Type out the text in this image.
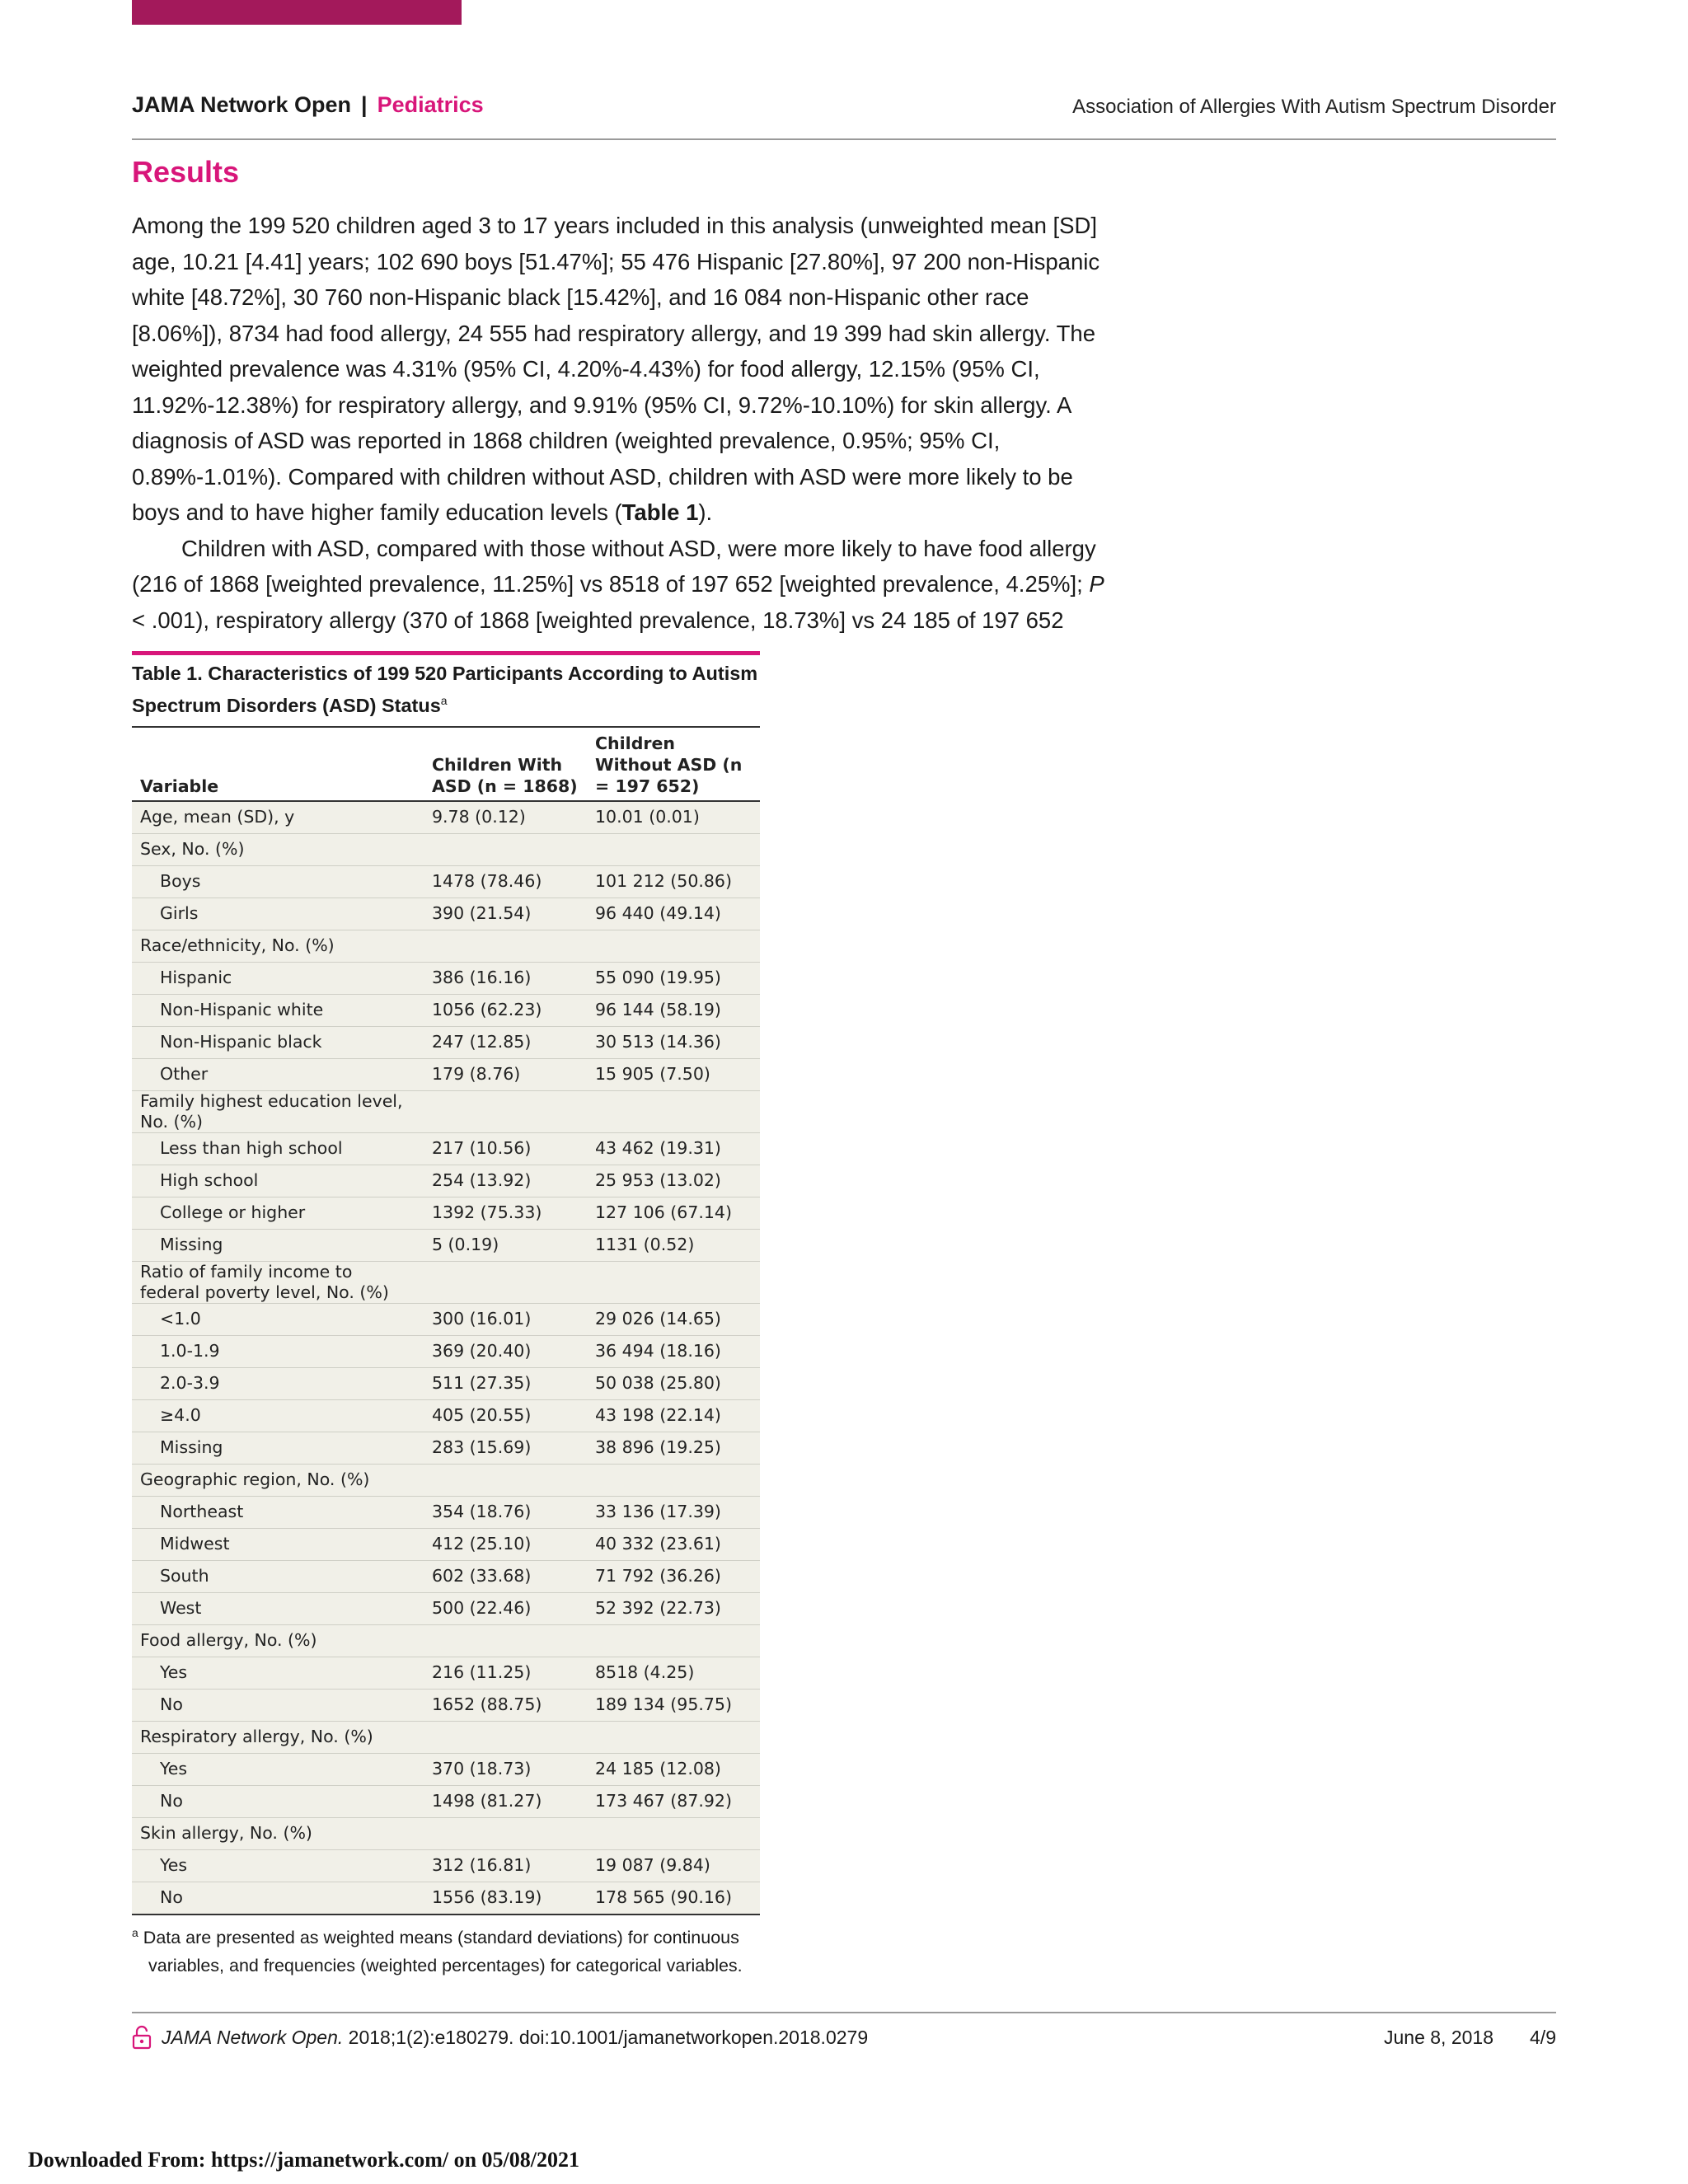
JAMA Network Open | Pediatrics	Association of Allergies With Autism Spectrum Disorder
Results

Among the 199 520 children aged 3 to 17 years included in this analysis (unweighted mean [SD] age, 10.21 [4.41] years; 102 690 boys [51.47%]; 55 476 Hispanic [27.80%], 97 200 non-Hispanic white [48.72%], 30 760 non-Hispanic black [15.42%], and 16 084 non-Hispanic other race [8.06%]), 8734 had food allergy, 24 555 had respiratory allergy, and 19 399 had skin allergy. The weighted prevalence was 4.31% (95% CI, 4.20%-4.43%) for food allergy, 12.15% (95% CI, 11.92%-12.38%) for respiratory allergy, and 9.91% (95% CI, 9.72%-10.10%) for skin allergy. A diagnosis of ASD was reported in 1868 children (weighted prevalence, 0.95%; 95% CI, 0.89%-1.01%). Compared with children without ASD, children with ASD were more likely to be boys and to have higher family education levels (Table 1).

Children with ASD, compared with those without ASD, were more likely to have food allergy (216 of 1868 [weighted prevalence, 11.25%] vs 8518 of 197 652 [weighted prevalence, 4.25%]; P < .001), respiratory allergy (370 of 1868 [weighted prevalence, 18.73%] vs 24 185 of 197 652

Table 1. Characteristics of 199 520 Participants According to Autism Spectrum Disorders (ASD) Status$^a$
Variable	Children With ASD (n = 1868)	Children Without ASD (n = 197 652)
Age, mean (SD), y	9.78 (0.12)	10.01 (0.01)
Sex, No. (%)		
Boys	1478 (78.46)	101 212 (50.86)
Girls	390 (21.54)	96 440 (49.14)
Race/ethnicity, No. (%)		
Hispanic	386 (16.16)	55 090 (19.95)
Non-Hispanic white	1056 (62.23)	96 144 (58.19)
Non-Hispanic black	247 (12.85)	30 513 (14.36)
Other	179 (8.76)	15 905 (7.50)
Family highest education level, No. (%)		
Less than high school	217 (10.56)	43 462 (19.31)
High school	254 (13.92)	25 953 (13.02)
College or higher	1392 (75.33)	127 106 (67.14)
Missing	5 (0.19)	1131 (0.52)
Ratio of family income to federal poverty level, No. (%)		
<1.0	300 (16.01)	29 026 (14.65)
1.0-1.9	369 (20.40)	36 494 (18.16)
2.0-3.9	511 (27.35)	50 038 (25.80)
≥4.0	405 (20.55)	43 198 (22.14)
Missing	283 (15.69)	38 896 (19.25)
Geographic region, No. (%)		
Northeast	354 (18.76)	33 136 (17.39)
Midwest	412 (25.10)	40 332 (23.61)
South	602 (33.68)	71 792 (36.26)
West	500 (22.46)	52 392 (22.73)
Food allergy, No. (%)		
Yes	216 (11.25)	8518 (4.25)
No	1652 (88.75)	189 134 (95.75)
Respiratory allergy, No. (%)		
Yes	370 (18.73)	24 185 (12.08)
No	1498 (81.27)	173 467 (87.92)
Skin allergy, No. (%)		
Yes	312 (16.81)	19 087 (9.84)
No	1556 (83.19)	178 565 (90.16)
$^a$ Data are presented as weighted means (standard deviations) for continuous variables, and frequencies (weighted percentages) for categorical variables.
JAMA Network Open. 2018;1(2):e180279. doi:10.1001/jamanetworkopen.2018.0279	June 8, 2018 4/9
Downloaded From: https://jamanetwork.com/ on 05/08/2021
